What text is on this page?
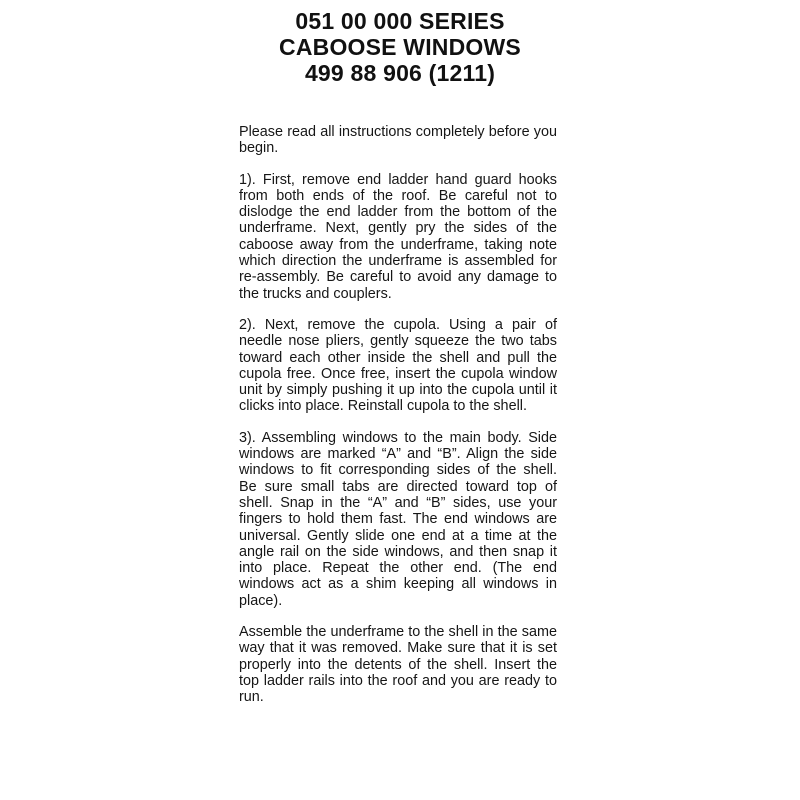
051 00 000 SERIES
CABOOSE WINDOWS
499 88 906 (1211)

Please read all instructions completely before you begin.

1). First, remove end ladder hand guard hooks from both ends of the roof. Be careful not to dislodge the end ladder from the bottom of the underframe. Next, gently pry the sides of the caboose away from the underframe, taking note which direction the underframe is assembled for re-assembly. Be careful to avoid any damage to the trucks and couplers.

2). Next, remove the cupola. Using a pair of needle nose pliers, gently squeeze the two tabs toward each other inside the shell and pull the cupola free. Once free, insert the cupola window unit by simply pushing it up into the cupola until it clicks into place. Reinstall cupola to the shell.

3). Assembling windows to the main body. Side windows are marked “A” and “B”. Align the side windows to fit corresponding sides of the shell. Be sure small tabs are directed toward top of shell. Snap in the “A” and “B” sides, use your fingers to hold them fast. The end windows are universal. Gently slide one end at a time at the angle rail on the side windows, and then snap it into place. Repeat the other end. (The end windows act as a shim keeping all windows in place).

Assemble the underframe to the shell in the same way that it was removed. Make sure that it is set properly into the detents of the shell. Insert the top ladder rails into the roof and you are ready to run.
